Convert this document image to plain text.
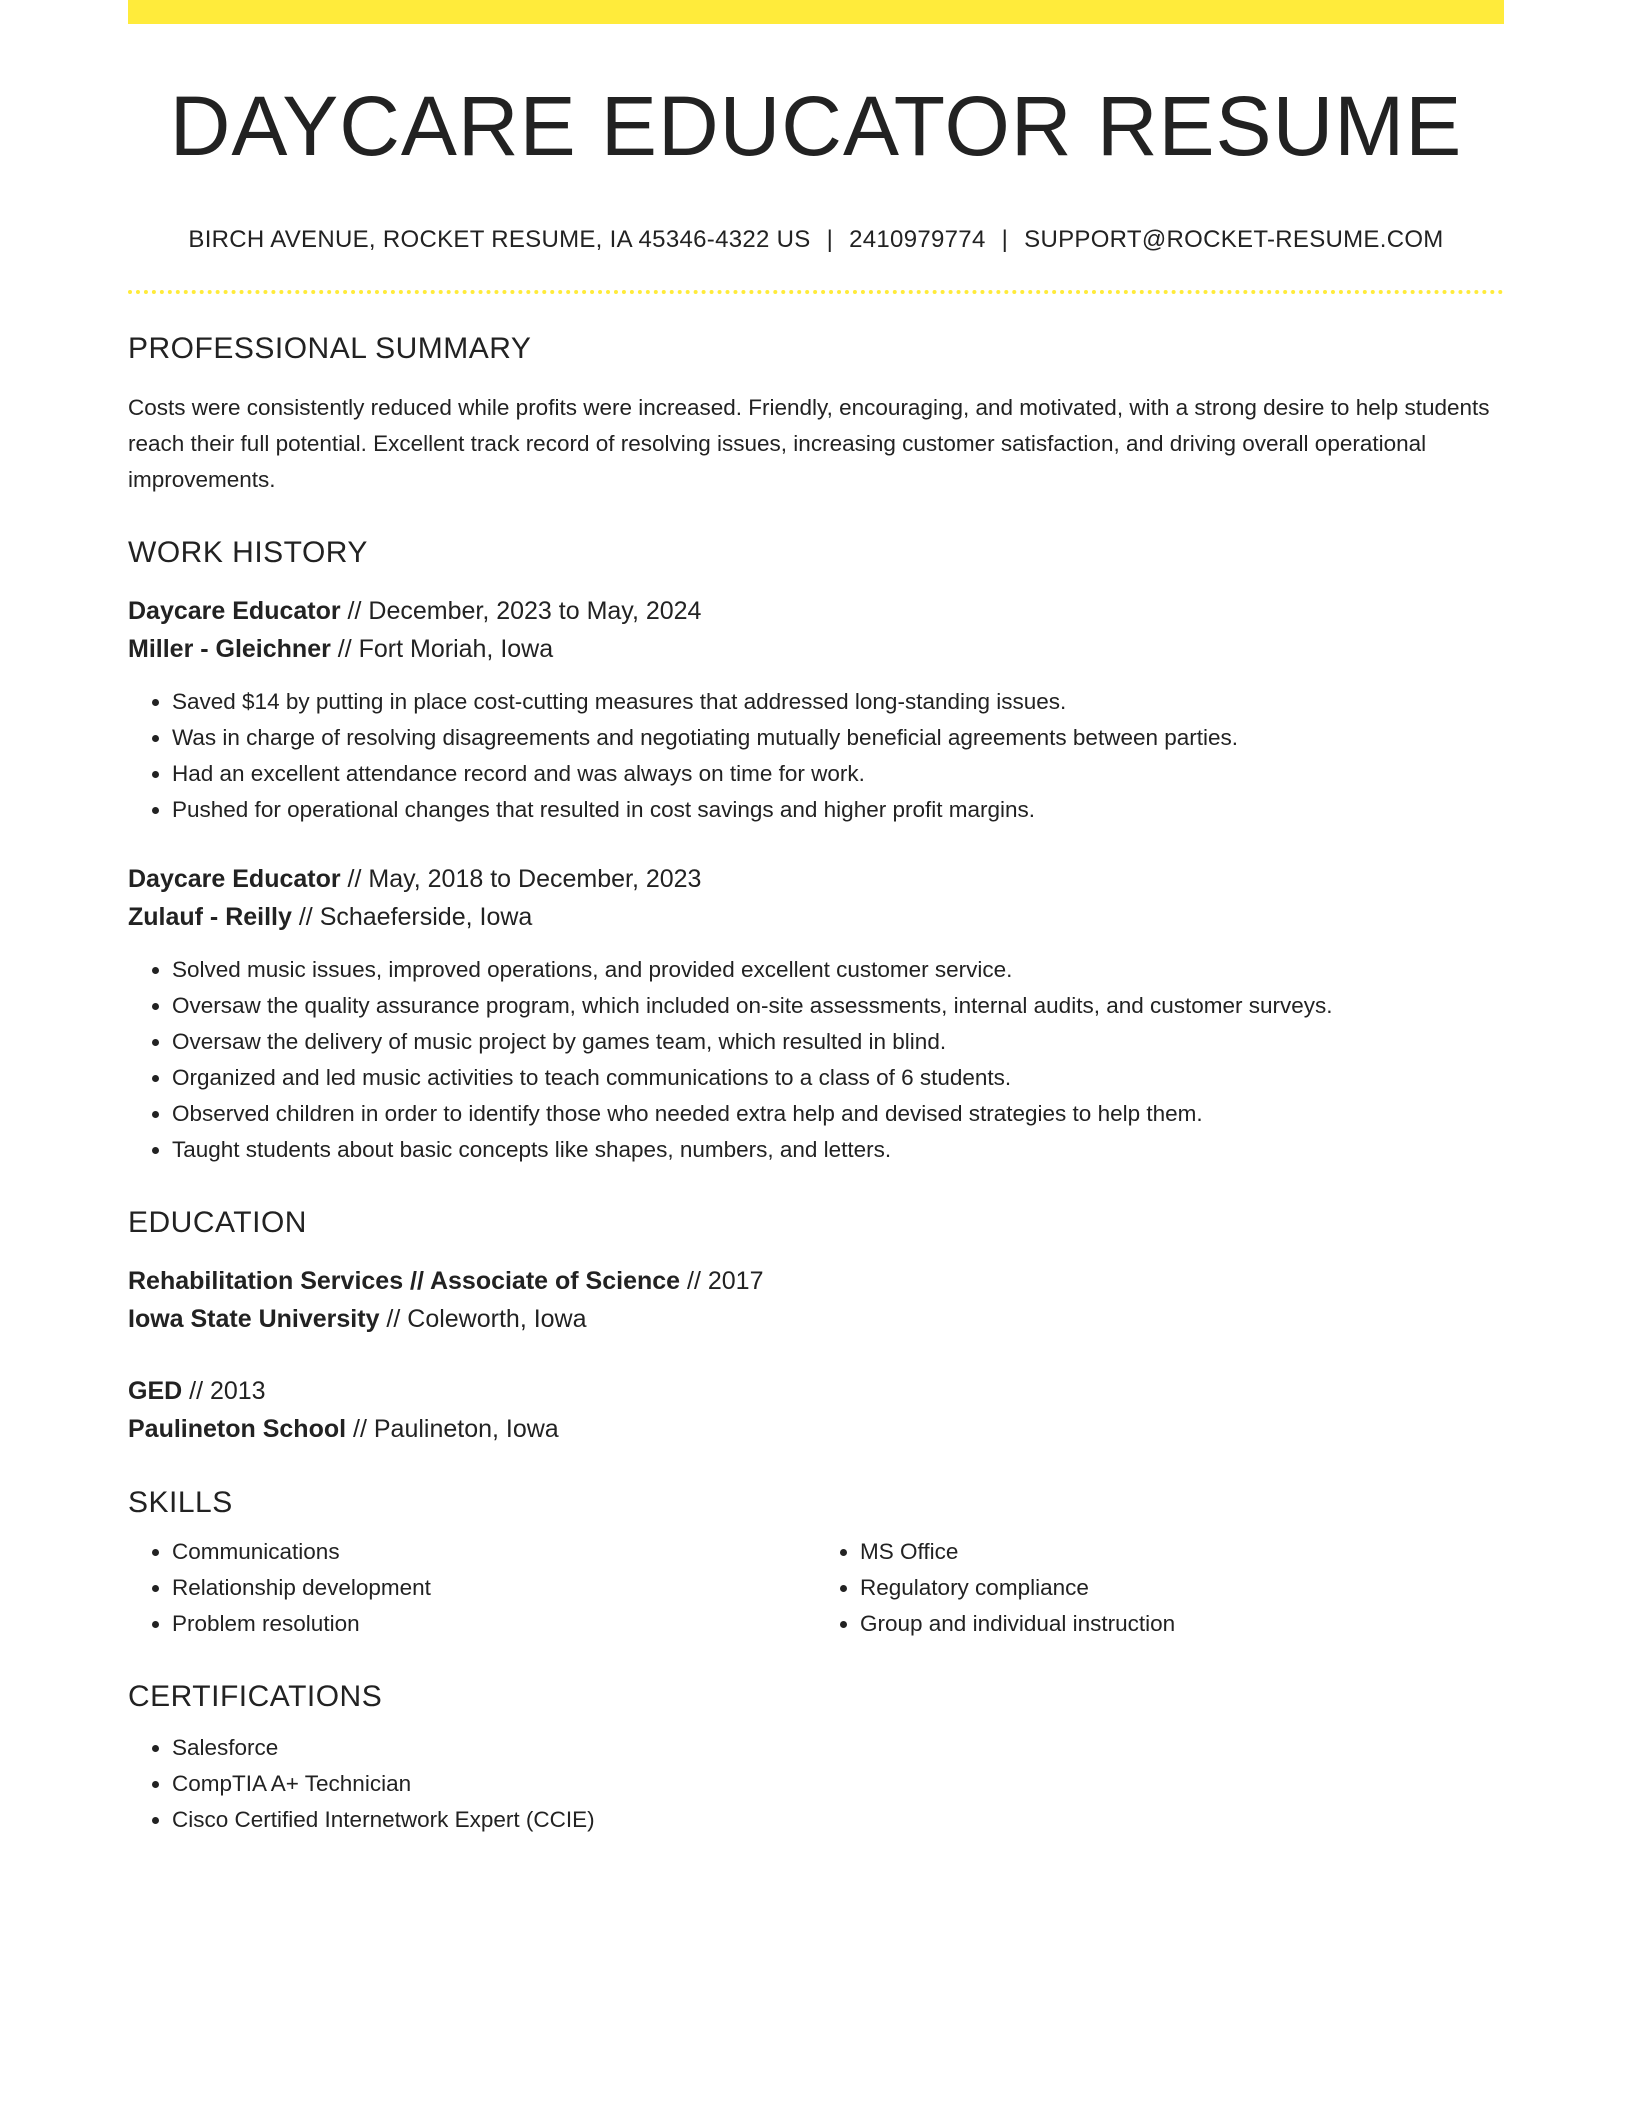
DAYCARE EDUCATOR RESUME
BIRCH AVENUE, ROCKET RESUME, IA 45346-4322 US | 2410979774 | SUPPORT@ROCKET-RESUME.COM
PROFESSIONAL SUMMARY

Costs were consistently reduced while profits were increased. Friendly, encouraging, and motivated, with a strong desire to help students reach their full potential. Excellent track record of resolving issues, increasing customer satisfaction, and driving overall operational improvements.

WORK HISTORY
Daycare Educator // December, 2023 to May, 2024
Miller - Gleichner // Fort Moriah, Iowa
• Saved $14 by putting in place cost-cutting measures that addressed long-standing issues.
• Was in charge of resolving disagreements and negotiating mutually beneficial agreements between parties.
• Had an excellent attendance record and was always on time for work.
• Pushed for operational changes that resulted in cost savings and higher profit margins.
Daycare Educator // May, 2018 to December, 2023
Zulauf - Reilly // Schaeferside, Iowa
• Solved music issues, improved operations, and provided excellent customer service.
• Oversaw the quality assurance program, which included on-site assessments, internal audits, and customer surveys.
• Oversaw the delivery of music project by games team, which resulted in blind.
• Organized and led music activities to teach communications to a class of 6 students.
• Observed children in order to identify those who needed extra help and devised strategies to help them.
• Taught students about basic concepts like shapes, numbers, and letters.
EDUCATION
Rehabilitation Services // Associate of Science // 2017
Iowa State University // Coleworth, Iowa
GED // 2013
Paulineton School // Paulineton, Iowa
SKILLS
• Communications
• Relationship development
• Problem resolution
• MS Office
• Regulatory compliance
• Group and individual instruction
CERTIFICATIONS
• Salesforce
• CompTIA A+ Technician
• Cisco Certified Internetwork Expert (CCIE)
